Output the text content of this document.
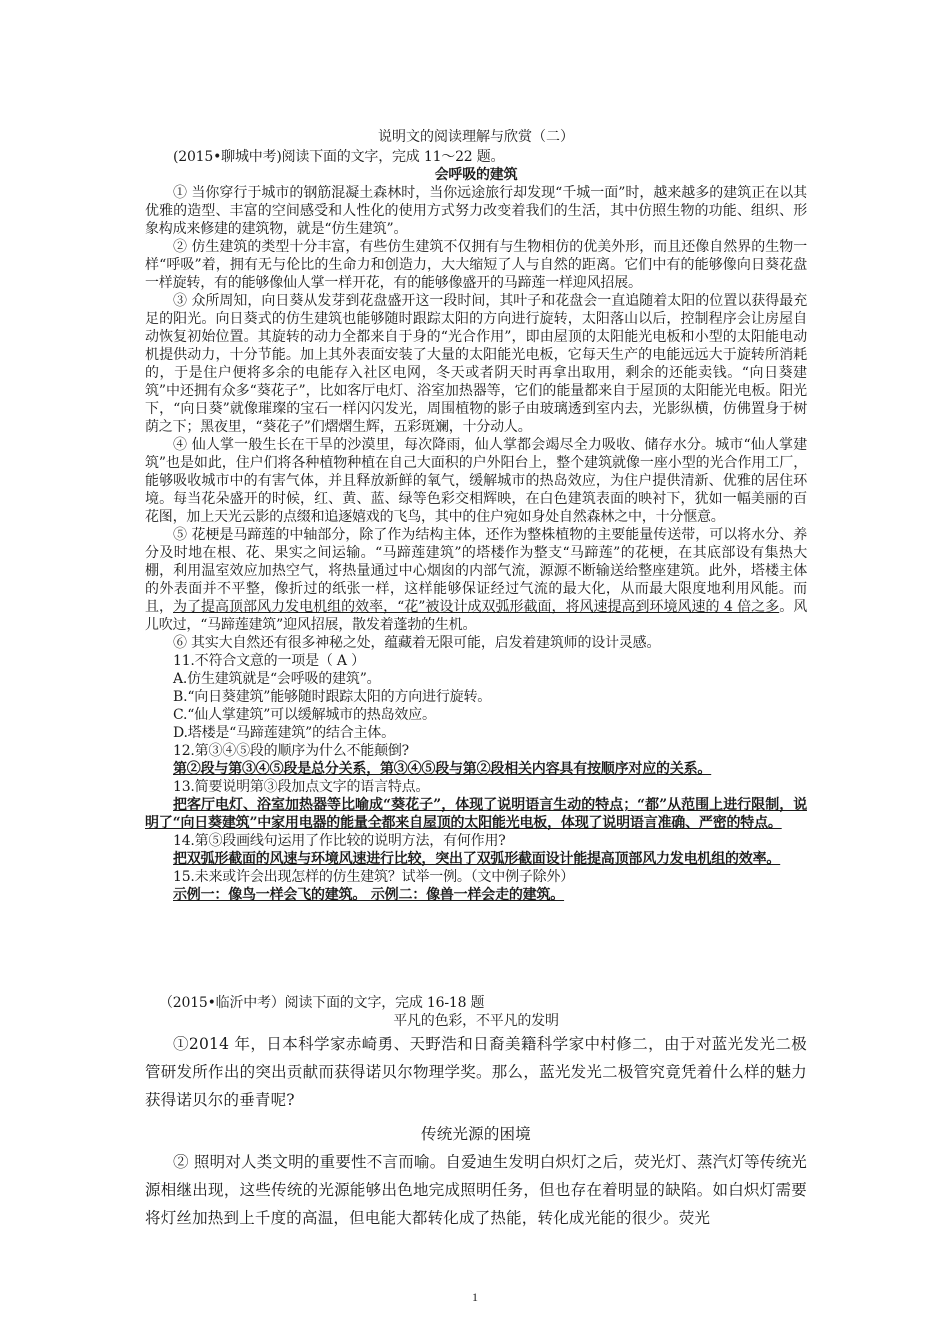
说明文的阅读理解与欣赏（二）

(2015•聊城中考)阅读下面的文字，完成 11～22 题。

会呼吸的建筑

① 当你穿行于城市的钢筋混凝土森林时，当你远途旅行却发现“千城一面”时，越来越多的建筑正在以其优雅的造型、丰富的空间感受和人性化的使用方式努力改变着我们的生活，其中仿照生物的功能、组织、形象构成来修建的建筑物，就是“仿生建筑”。

② 仿生建筑的类型十分丰富，有些仿生建筑不仅拥有与生物相仿的优美外形，而且还像自然界的生物一样“呼吸”着，拥有无与伦比的生命力和创造力，大大缩短了人与自然的距离。它们中有的能够像向日葵花盘一样旋转，有的能够像仙人掌一样开花，有的能够像盛开的马蹄莲一样迎风招展。

③ 众所周知，向日葵从发芽到花盘盛开这一段时间，其叶子和花盘会一直追随着太阳的位置以获得最充足的阳光。向日葵式的仿生建筑也能够随时跟踪太阳的方向进行旋转，太阳落山以后，控制程序会让房屋自动恢复初始位置。其旋转的动力全都来自于身的“光合作用”，即由屋顶的太阳能光电板和小型的太阳能电动机提供动力，十分节能。加上其外表面安装了大量的太阳能光电板，它每天生产的电能远远大于旋转所消耗的，于是住户便将多余的电能存入社区电网，冬天或者阴天时再拿出取用，剩余的还能卖钱。“向日葵建筑”中还拥有众多“葵花子”，比如客厅电灯、浴室加热器等，它们的能量都来自于屋顶的太阳能光电板。阳光下，“向日葵”就像璀璨的宝石一样闪闪发光，周围植物的影子由玻璃透到室内去，光影纵横，仿佛置身于树荫之下；黑夜里，“葵花子”们熠熠生辉，五彩斑斓，十分动人。

④ 仙人掌一般生长在干旱的沙漠里，每次降雨，仙人掌都会竭尽全力吸收、储存水分。城市“仙人掌建筑”也是如此，住户们将各种植物种植在自己大面积的户外阳台上，整个建筑就像一座小型的光合作用工厂，能够吸收城市中的有害气体，并且释放新鲜的氧气，缓解城市的热岛效应，为住户提供清新、优雅的居住环境。每当花朵盛开的时候，红、黄、蓝、绿等色彩交相辉映，在白色建筑表面的映衬下，犹如一幅美丽的百花图，加上天光云影的点缀和追逐嬉戏的飞鸟，其中的住户宛如身处自然森林之中，十分惬意。

⑤ 花梗是马蹄莲的中轴部分，除了作为结构主体，还作为整株植物的主要能量传送带，可以将水分、养分及时地在根、花、果实之间运输。“马蹄莲建筑”的塔楼作为整支“马蹄莲”的花梗，在其底部设有集热大棚，利用温室效应加热空气，将热量通过中心烟囱的内部气流，源源不断输送给整座建筑。此外，塔楼主体的外表面并不平整，像折过的纸张一样，这样能够保证经过气流的最大化，从而最大限度地利用风能。而且，为了提高顶部风力发电机组的效率，“花”被设计成双弧形截面，将风速提高到环境风速的 4 倍之多。风儿吹过，“马蹄莲建筑”迎风招展，散发着蓬勃的生机。

⑥ 其实大自然还有很多神秘之处，蕴藏着无限可能，启发着建筑师的设计灵感。

11.不符合文意的一项是（ A ）

A.仿生建筑就是“会呼吸的建筑”。

B.“向日葵建筑”能够随时跟踪太阳的方向进行旋转。

C.“仙人掌建筑”可以缓解城市的热岛效应。

D.塔楼是“马蹄莲建筑”的结合主体。

12.第③④⑤段的顺序为什么不能颠倒?

第②段与第③④⑤段是总分关系，第③④⑤段与第②段相关内容具有按顺序对应的关系。

13.简要说明第③段加点文字的语言特点。

把客厅电灯、浴室加热器等比喻成“葵花子”，体现了说明语言生动的特点；“都”从范围上进行限制，说明了“向日葵建筑”中家用电器的能量全都来自屋顶的太阳能光电板，体现了说明语言准确、严密的特点。

14.第⑤段画线句运用了作比较的说明方法，有何作用?

把双弧形截面的风速与环境风速进行比较，突出了双弧形截面设计能提高顶部风力发电机组的效率。

15.未来或许会出现怎样的仿生建筑？试举一例。（文中例子除外）

示例一：像鸟一样会飞的建筑。 示例二：像兽一样会走的建筑。

（2015•临沂中考）阅读下面的文字，完成 16-18 题

平凡的色彩，不平凡的发明

①2014 年，日本科学家赤崎勇、天野浩和日裔美籍科学家中村修二，由于对蓝光发光二极管研发所作出的突出贡献而获得诺贝尔物理学奖。那么，蓝光发光二极管究竟凭着什么样的魅力获得诺贝尔的垂青呢?

传统光源的困境

② 照明对人类文明的重要性不言而喻。自爱迪生发明白炽灯之后，荧光灯、蒸汽灯等传统光源相继出现，这些传统的光源能够出色地完成照明任务，但也存在着明显的缺陷。如白炽灯需要将灯丝加热到上千度的高温，但电能大都转化成了热能，转化成光能的很少。荧光

1
